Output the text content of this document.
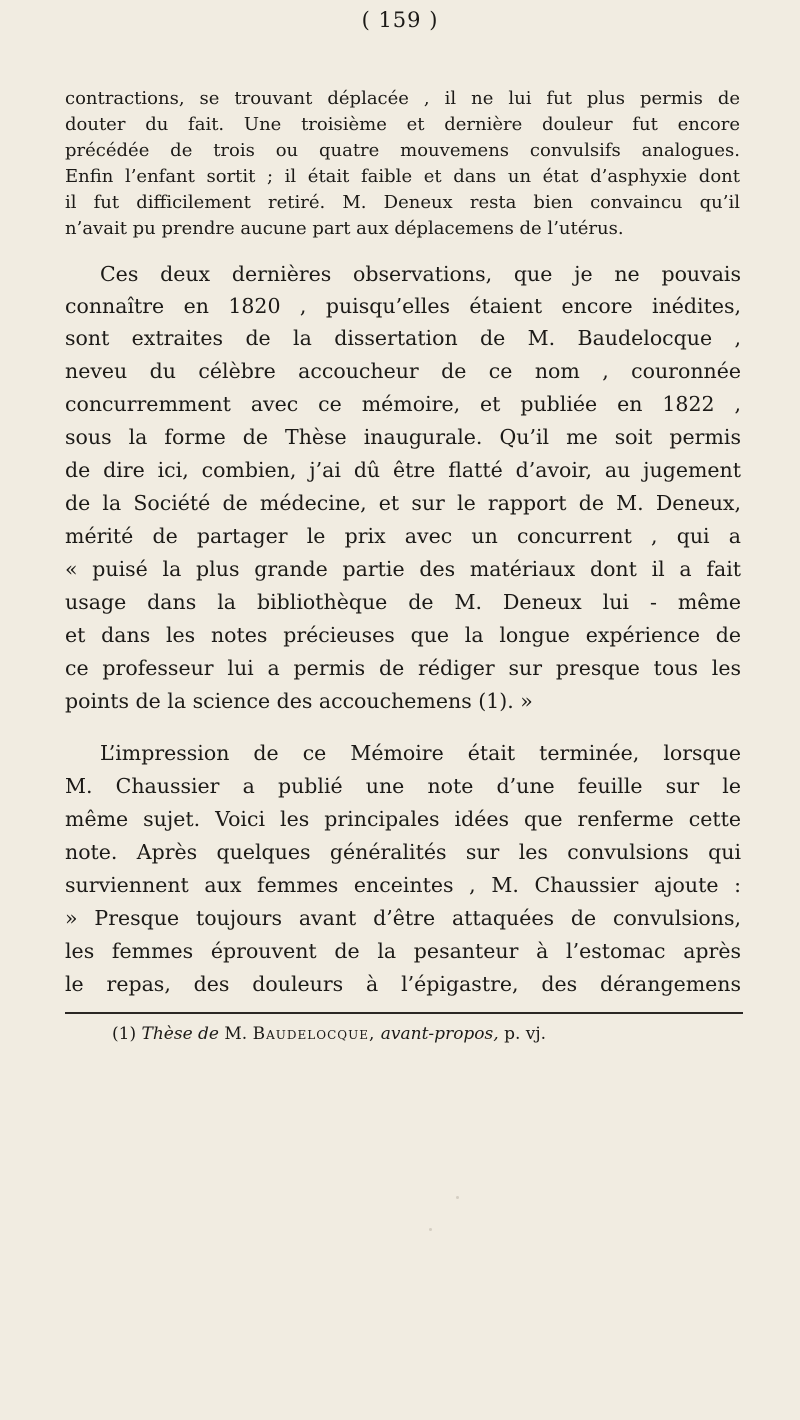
( 159 )
contractions, se trouvant déplacée , il ne lui fut plus permis de
douter du fait. Une troisième et dernière douleur fut encore
précédée de trois ou quatre mouvemens convulsifs analogues.
Enfin l’enfant sortit ; il était faible et dans un état d’asphyxie dont
il fut difficilement retiré. M. Deneux resta bien convaincu qu’il
n’avait pu prendre aucune part aux déplacemens de l’utérus.
Ces deux dernières observations, que je ne pouvais
connaître en 1820 , puisqu’elles étaient encore inédites,
sont extraites de la dissertation de M. Baudelocque ,
neveu du célèbre accoucheur de ce nom , couronnée
concurremment avec ce mémoire, et publiée en 1822 ,
sous la forme de Thèse inaugurale. Qu’il me soit permis
de dire ici, combien, j’ai dû être flatté d’avoir, au jugement
de la Société de médecine, et sur le rapport de M. Deneux,
mérité de partager le prix avec un concurrent , qui a
« puisé la plus grande partie des matériaux dont il a fait
usage dans la bibliothèque de M. Deneux lui - même
et dans les notes précieuses que la longue expérience de
ce professeur lui a permis de rédiger sur presque tous les
points de la science des accouchemens (1). »
L’impression de ce Mémoire était terminée, lorsque
M. Chaussier a publié une note d’une feuille sur le
même sujet. Voici les principales idées que renferme cette
note. Après quelques généralités sur les convulsions qui
surviennent aux femmes enceintes , M. Chaussier ajoute :
» Presque toujours avant d’être attaquées de convulsions,
les femmes éprouvent de la pesanteur à l’estomac après
le repas, des douleurs à l’épigastre, des dérangemens
(1) Thèse de M. Baudelocque, avant-propos, p. vj.
